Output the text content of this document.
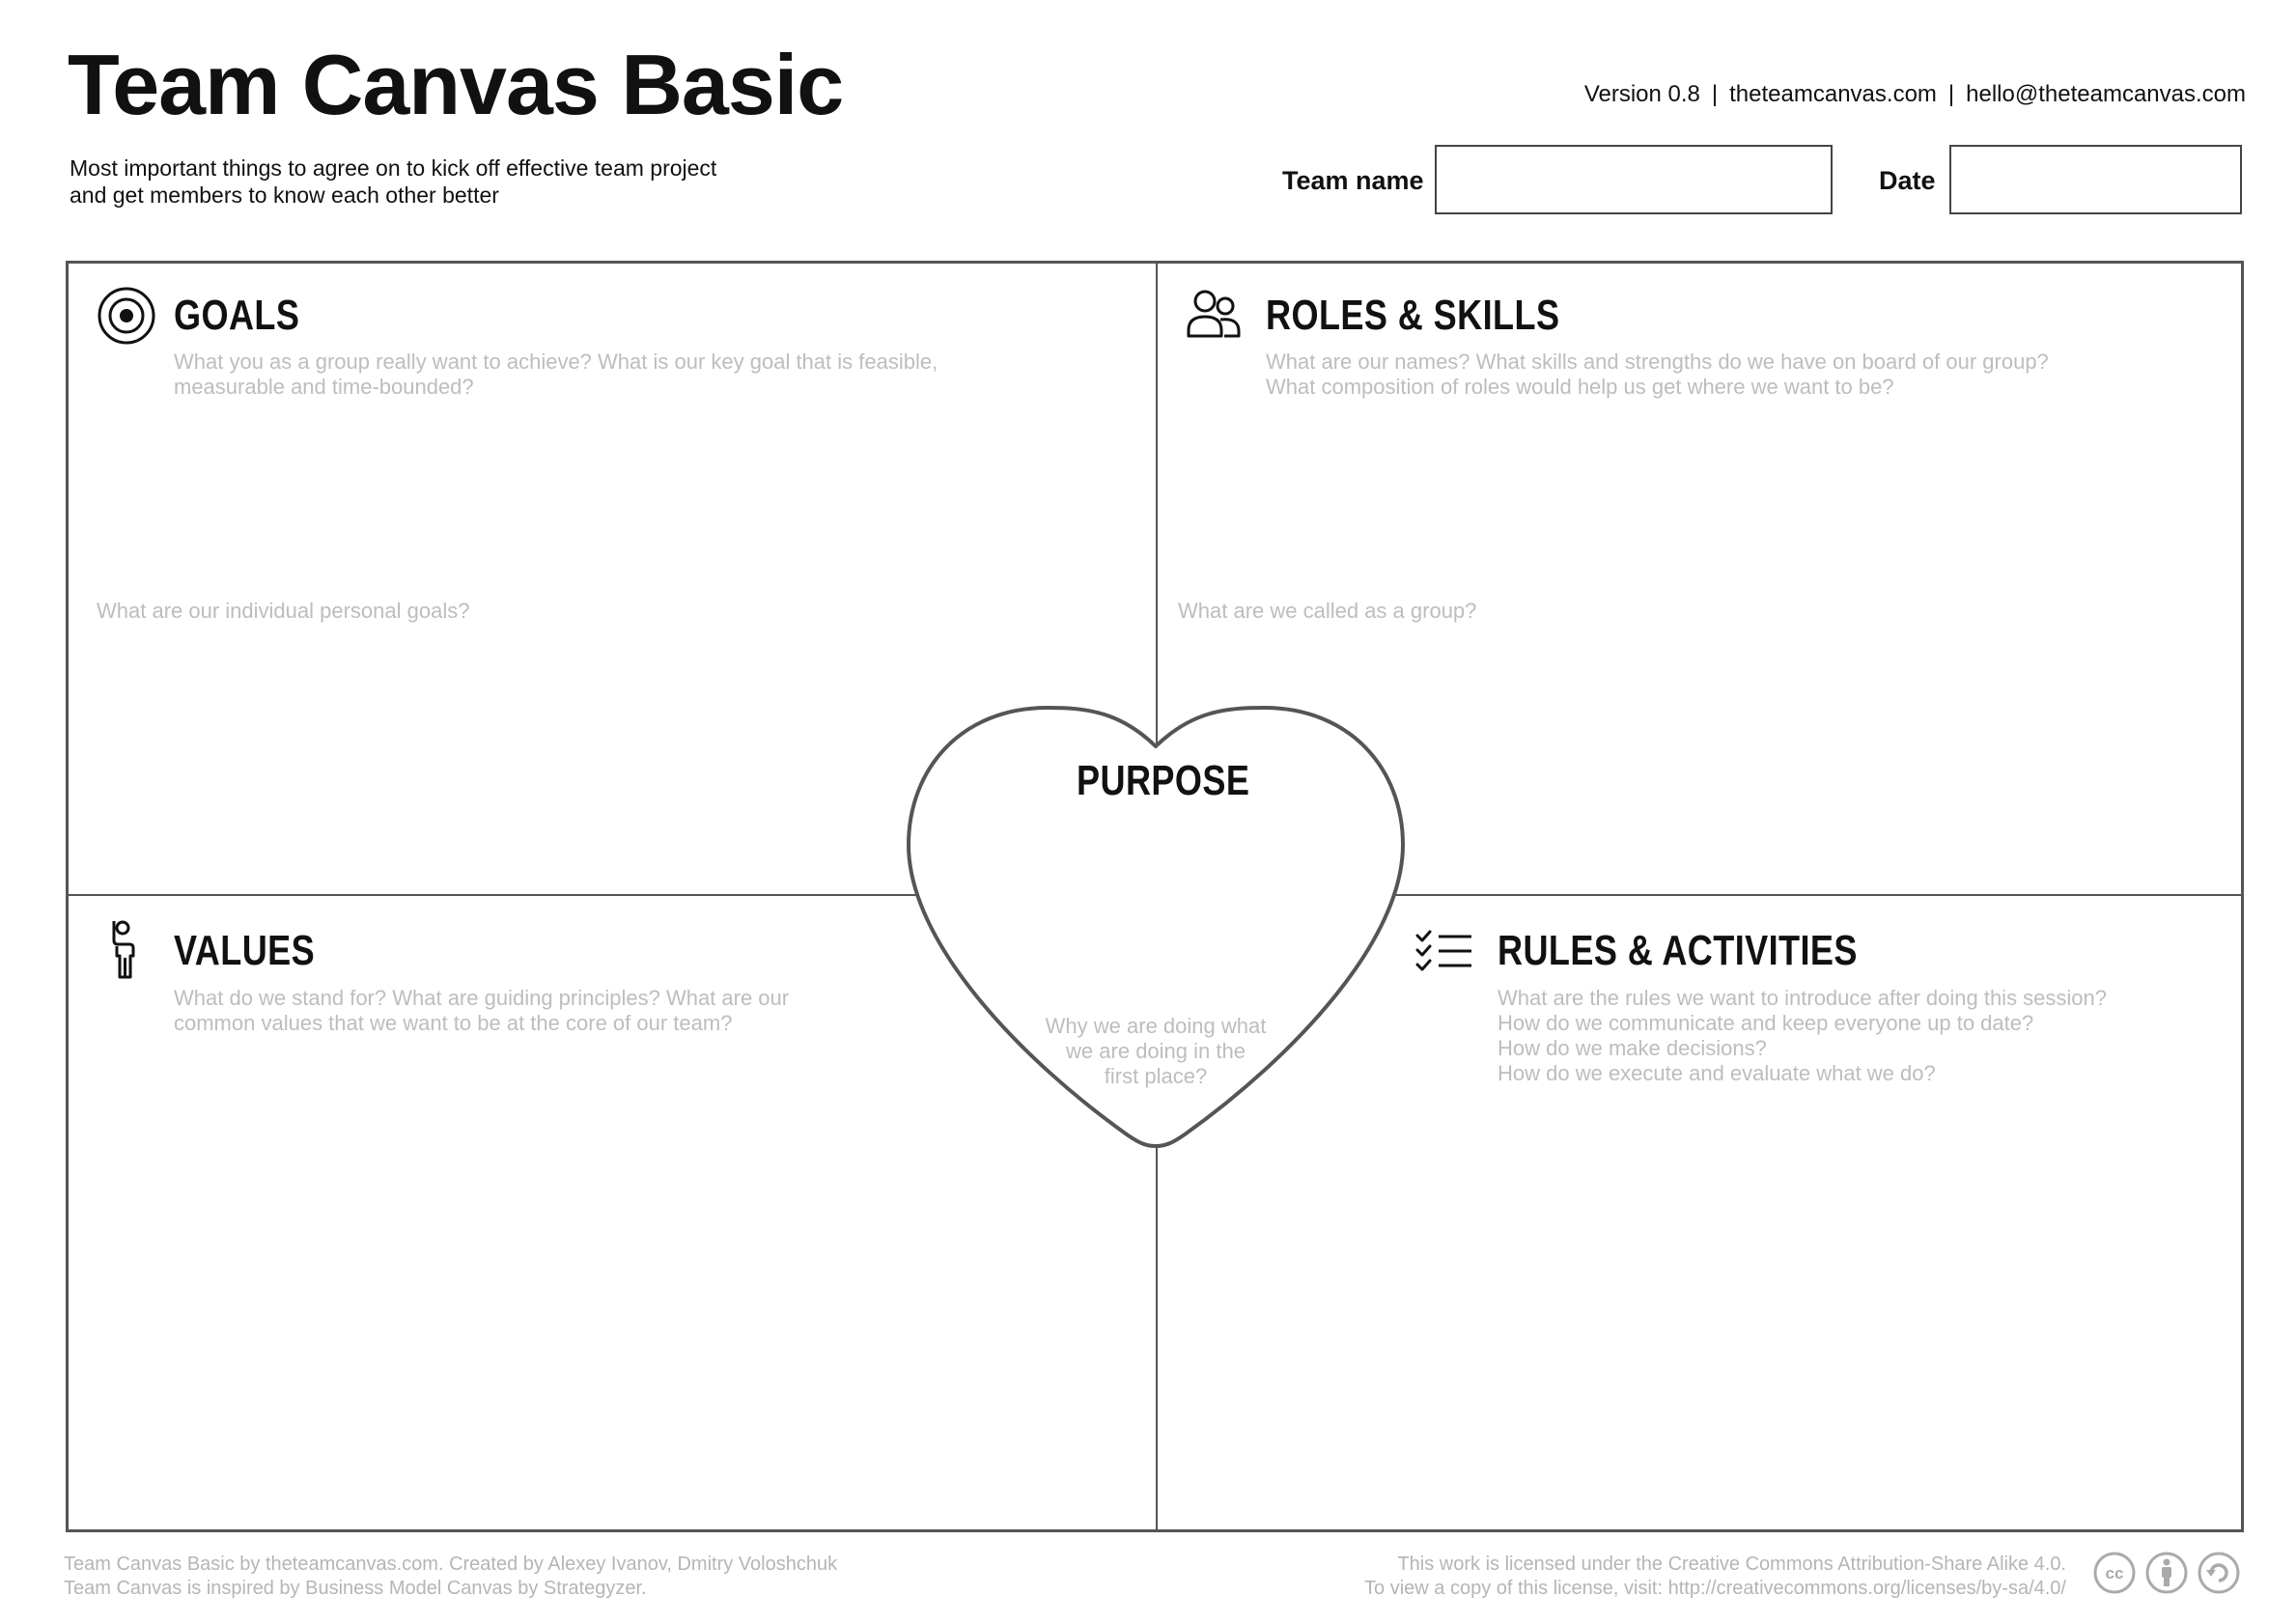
Team Canvas Basic
Most important things to agree on to kick off effective team project
and get members to know each other better
Version 0.8 | theteamcanvas.com | hello@theteamcanvas.com
Team name	Date
GOALS
What you as a group really want to achieve? What is our key goal that is feasible,
measurable and time-bounded?
What are our individual personal goals?
ROLES & SKILLS
What are our names? What skills and strengths do we have on board of our group?
What composition of roles would help us get where we want to be?
What are we called as a group?
VALUES
What do we stand for? What are guiding principles? What are our
common values that we want to be at the core of our team?
RULES & ACTIVITIES
What are the rules we want to introduce after doing this session?
How do we communicate and keep everyone up to date?
How do we make decisions?
How do we execute and evaluate what we do?
PURPOSE
Why we are doing what
we are doing in the
first place?
Team Canvas Basic by theteamcanvas.com. Created by Alexey Ivanov, Dmitry Voloshchuk
Team Canvas is inspired by Business Model Canvas by Strategyzer.
This work is licensed under the Creative Commons Attribution-Share Alike 4.0.
To view a copy of this license, visit: http://creativecommons.org/licenses/by-sa/4.0/
cc
